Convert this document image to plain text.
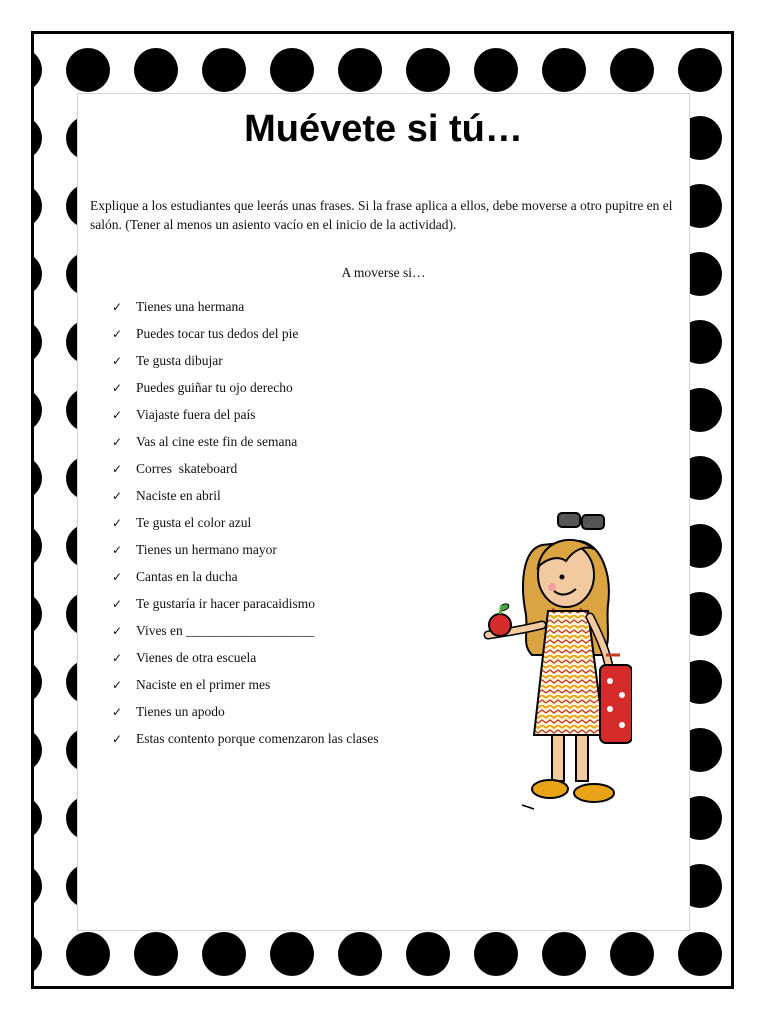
Muévete si tú…

Explique a los estudiantes que leerás unas frases. Si la frase aplica a ellos, debe moverse a otro pupitre en el salón. (Tener al menos un asiento vacío en el inicio de la actividad).

A moverse si…
✓	Tienes una hermana
✓	Puedes tocar tus dedos del pie
✓	Te gusta dibujar
✓	Puedes guiñar tu ojo derecho
✓	Viajaste fuera del país
✓	Vas al cine este fin de semana
✓	Corres  skateboard
✓	Naciste en abril
✓	Te gusta el color azul
✓	Tienes un hermano mayor
✓	Cantas en la ducha
✓	Te gustaría ir hacer paracaidismo
✓	Vives en ___________________
✓	Vienes de otra escuela
✓	Naciste en el primer mes
✓	Tienes un apodo
✓	Estas contento porque comenzaron las clases
